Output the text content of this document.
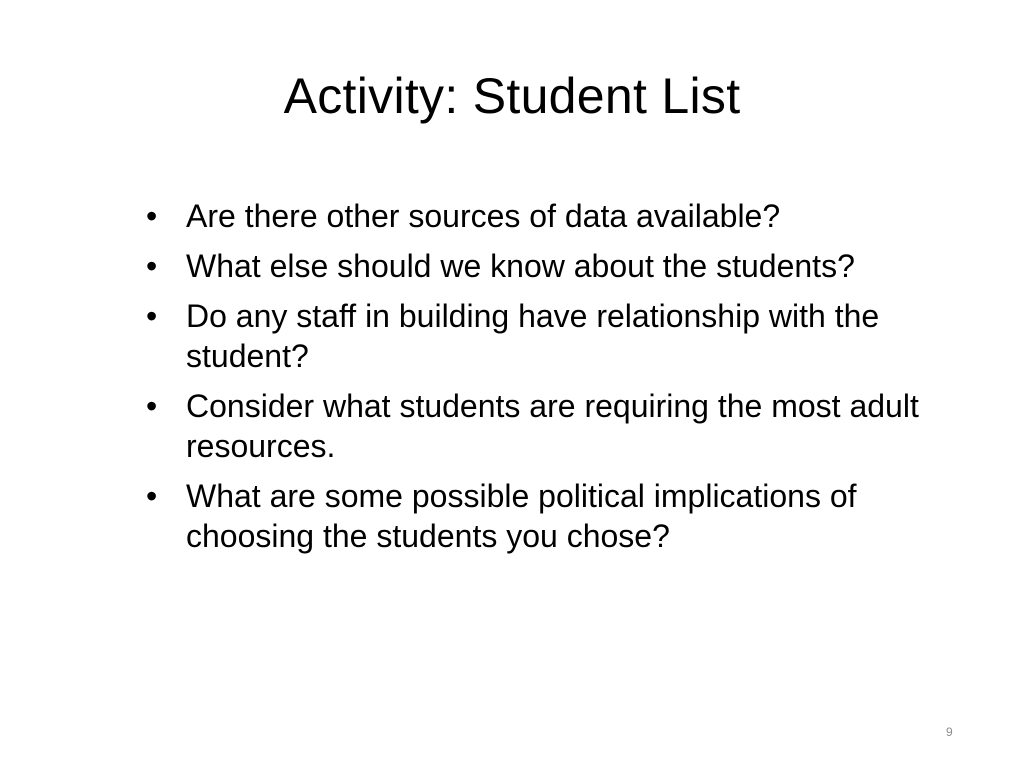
Activity: Student List
• Are there other sources of data available?
• What else should we know about the students?
• Do any staff in building have relationship with the student?
• Consider what students are requiring the most adult resources.
• What are some possible political implications of choosing the students you chose?
9
